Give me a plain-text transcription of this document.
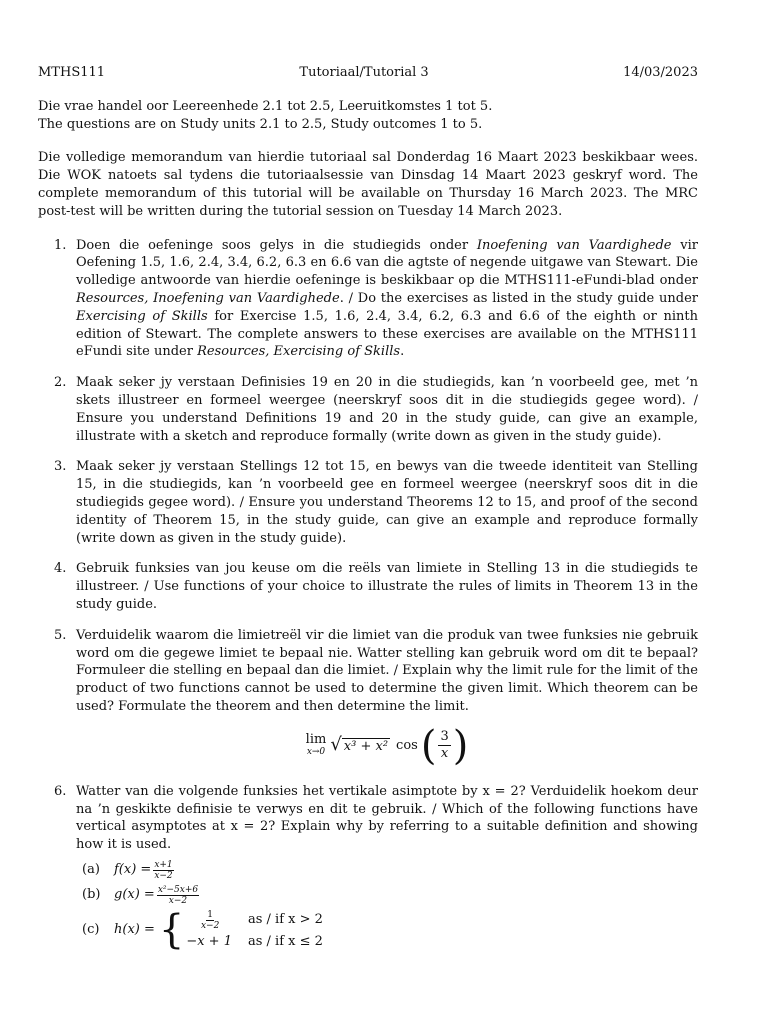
MTHS111	Tutoriaal/Tutorial 3	14/03/2023
Die vrae handel oor Leereenhede 2.1 tot 2.5, Leeruitkomstes 1 tot 5.
The questions are on Study units 2.1 to 2.5, Study outcomes 1 to 5.

Die volledige memorandum van hierdie tutoriaal sal Donderdag 16 Maart 2023 beskikbaar wees. Die WOK natoets sal tydens die tutoriaalsessie van Dinsdag 14 Maart 2023 geskryf word. The complete memorandum of this tutorial will be available on Thursday 16 March 2023. The MRC post-test will be written during the tutorial session on Tuesday 14 March 2023.

1. Doen die oefeninge soos gelys in die studiegids onder Inoefening van Vaardighede vir Oefening 1.5, 1.6, 2.4, 3.4, 6.2, 6.3 en 6.6 van die agtste of negende uitgawe van Stewart. Die volledige antwoorde van hierdie oefeninge is beskikbaar op die MTHS111-eFundi-blad onder Resources, Inoefening van Vaardighede. / Do the exercises as listed in the study guide under Exercising of Skills for Exercise 1.5, 1.6, 2.4, 3.4, 6.2, 6.3 and 6.6 of the eighth or ninth edition of Stewart. The complete answers to these exercises are available on the MTHS111 eFundi site under Resources, Exercising of Skills.
2. Maak seker jy verstaan Definisies 19 en 20 in die studiegids, kan ’n voorbeeld gee, met ’n skets illustreer en formeel weergee (neerskryf soos dit in die studiegids gegee word). / Ensure you understand Definitions 19 and 20 in the study guide, can give an example, illustrate with a sketch and reproduce formally (write down as given in the study guide).
3. Maak seker jy verstaan Stellings 12 tot 15, en bewys van die tweede identiteit van Stelling 15, in die studiegids, kan ’n voorbeeld gee en formeel weergee (neerskryf soos dit in die studiegids gegee word). / Ensure you understand Theorems 12 to 15, and proof of the second identity of Theorem 15, in the study guide, can give an example and reproduce formally (write down as given in the study guide).
4. Gebruik funksies van jou keuse om die reëls van limiete in Stelling 13 in die studiegids te illustreer. / Use functions of your choice to illustrate the rules of limits in Theorem 13 in the study guide.
5. Verduidelik waarom die limietreël vir die limiet van die produk van twee funksies nie gebruik word om die gegewe limiet te bepaal nie. Watter stelling kan gebruik word om dit te bepaal? Formuleer die stelling en bepaal dan die limiet. / Explain why the limit rule for the limit of the product of two functions cannot be used to determine the given limit. Which theorem can be used? Formulate the theorem and then determine the limit.
lim
x→0 √ x³ + x² cos ( $\frac{3}{x}$ )
6. Watter van die volgende funksies het vertikale asimptote by x = 2? Verduidelik hoekom deur na ’n geskikte definisie te verwys en dit te gebruik. / Which of the following functions have vertical asymptotes at x = 2? Explain why by referring to a suitable definition and showing how it is used.
(a)	$f(x) = \frac{x+1}{x-2}$
(b)	$g(x) = \frac{\text{x²−5x+6}}{x-2}$
(c)	h(x) = { $\frac{1}{x-2}$ as / if x > 2
−x + 1 as / if x ≤ 2
